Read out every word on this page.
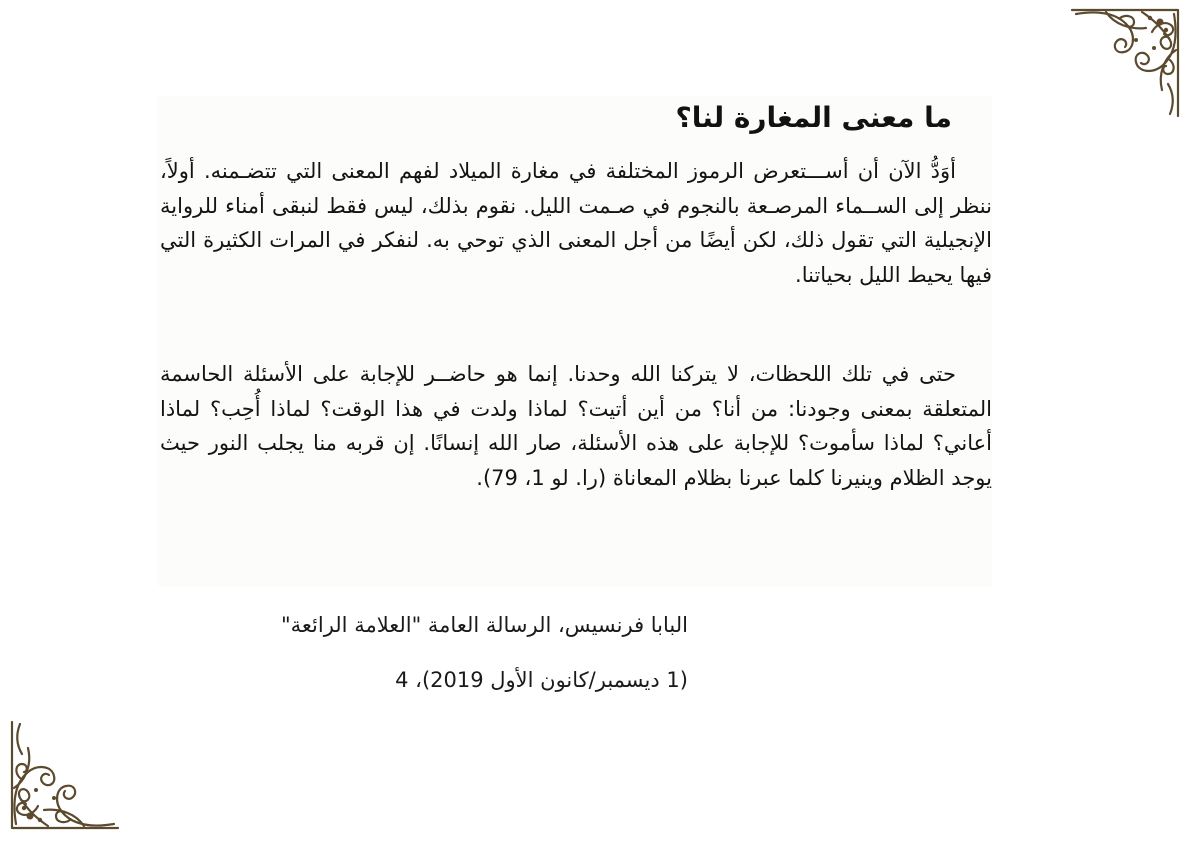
ما معنى المغارة لنا؟

أوَدُّ الآن أن أســـتعرض الرموز المختلفة في مغارة الميلاد لفهم المعنى التي تتضـمنه. أولاً، ننظر إلى الســماء المرصـعة بالنجوم في صـمت الليل. نقوم بذلك، ليس فقط لنبقى أمناء للرواية الإنجيلية التي تقول ذلك، لكن أيضًا من أجل المعنى الذي توحي به. لنفكر في المرات الكثيرة التي فيها يحيط الليل بحياتنا.

حتى في تلك اللحظات، لا يتركنا الله وحدنا. إنما هو حاضــر للإجابة على الأسئلة الحاسمة المتعلقة بمعنى وجودنا: من أنا؟ من أين أتيت؟ لماذا ولدت في هذا الوقت؟ لماذا أُحِب؟ لماذا أعاني؟ لماذا سأموت؟ للإجابة على هذه الأسئلة، صار الله إنسانًا. إن قربه منا يجلب النور حيث يوجد الظلام وينيرنا كلما عبرنا بظلام المعاناة (را. لو 1، 79).

البابا فرنسيس، الرسالة العامة "العلامة الرائعة"

(1 ديسمبر/كانون الأول 2019)، 4
